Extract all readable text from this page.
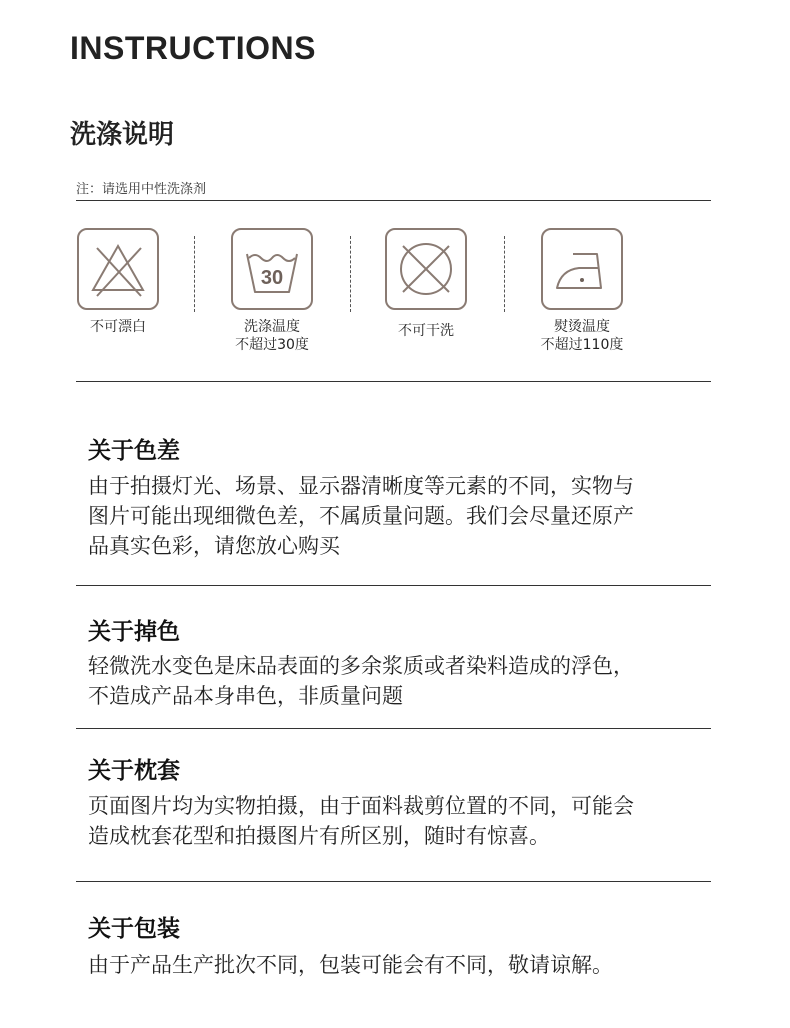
INSTRUCTIONS
洗涤说明
注：请选用中性洗涤剂
不可漂白
30
洗涤温度
不超过30度
不可干洗	熨烫温度
不超过110度
关于色差
由于拍摄灯光、场景、显示器清晰度等元素的不同，实物与
图片可能出现细微色差，不属质量问题。我们会尽量还原产
品真实色彩，请您放心购买
关于掉色
轻微洗水变色是床品表面的多余浆质或者染料造成的浮色，
不造成产品本身串色，非质量问题
关于枕套
页面图片均为实物拍摄，由于面料裁剪位置的不同，可能会
造成枕套花型和拍摄图片有所区别，随时有惊喜。
关于包装
由于产品生产批次不同，包装可能会有不同，敬请谅解。
